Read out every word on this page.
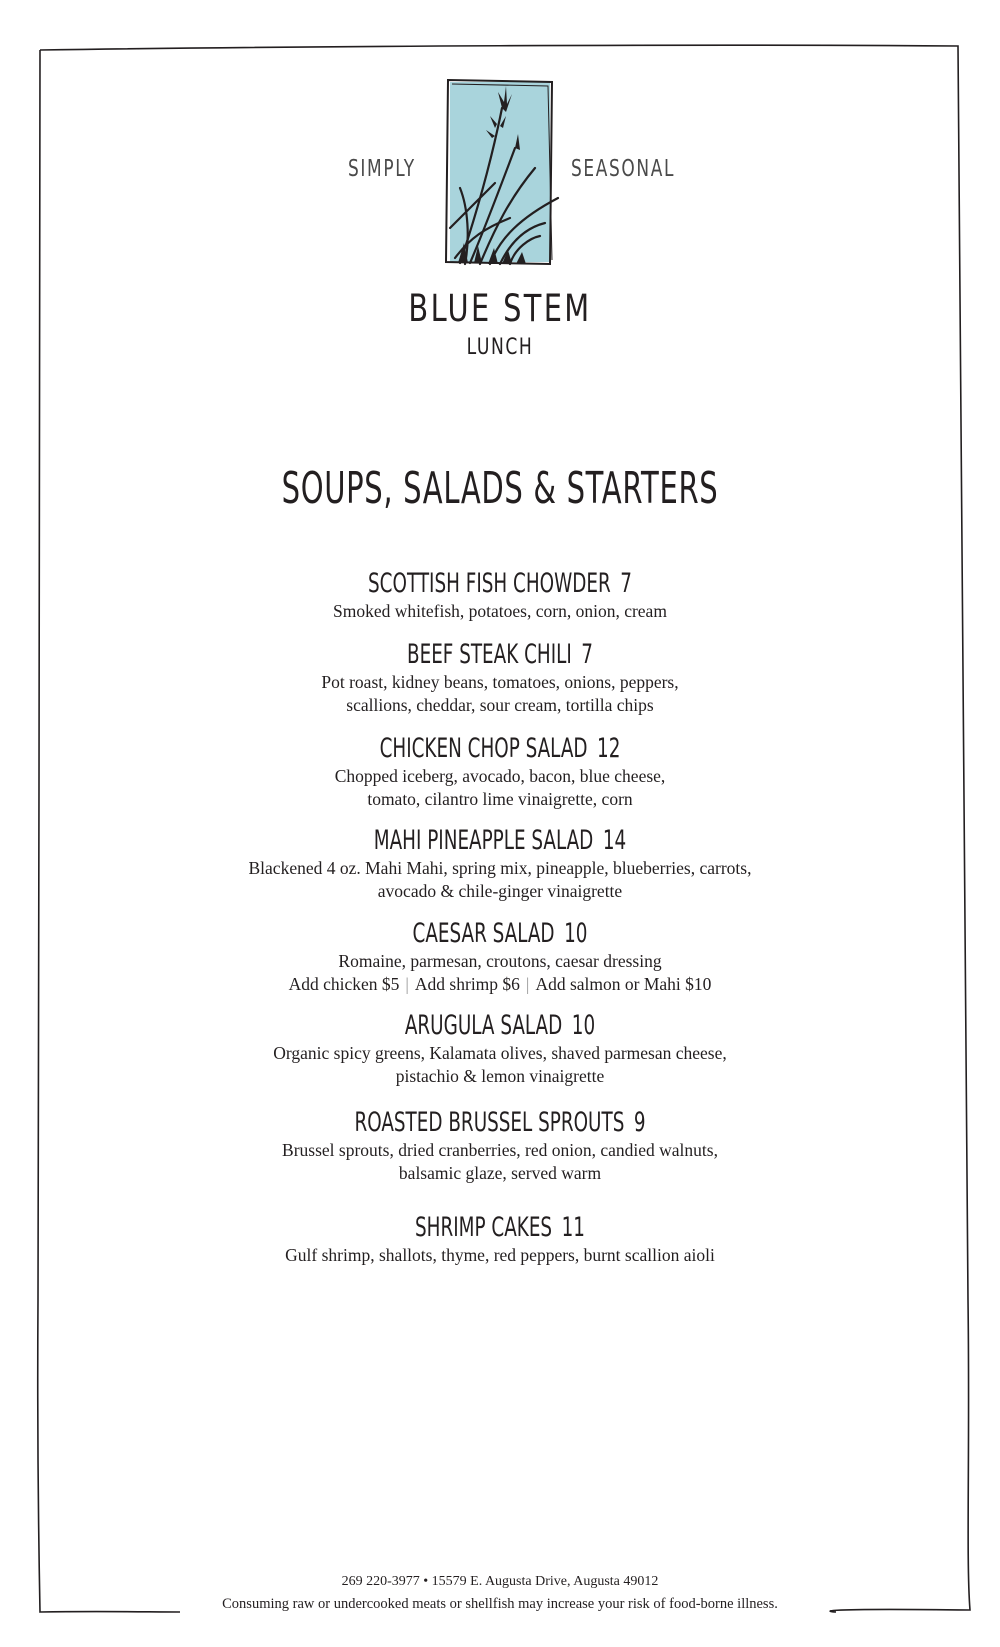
SIMPLY	SEASONAL
BLUE STEM
LUNCH
SOUPS, SALADS & STARTERS
SCOTTISH FISH CHOWDER 7
Smoked whitefish, potatoes, corn, onion, cream
BEEF STEAK CHILI 7
Pot roast, kidney beans, tomatoes, onions, peppers,
scallions, cheddar, sour cream, tortilla chips
CHICKEN CHOP SALAD 12
Chopped iceberg, avocado, bacon, blue cheese,
tomato, cilantro lime vinaigrette, corn
MAHI PINEAPPLE SALAD 14
Blackened 4 oz. Mahi Mahi, spring mix, pineapple, blueberries, carrots,
avocado & chile-ginger vinaigrette
CAESAR SALAD 10
Romaine, parmesan, croutons, caesar dressing
Add chicken $5 | Add shrimp $6 | Add salmon or Mahi $10
ARUGULA SALAD 10
Organic spicy greens, Kalamata olives, shaved parmesan cheese,
pistachio & lemon vinaigrette
ROASTED BRUSSEL SPROUTS 9
Brussel sprouts, dried cranberries, red onion, candied walnuts,
balsamic glaze, served warm
SHRIMP CAKES 11
Gulf shrimp, shallots, thyme, red peppers, burnt scallion aioli
269 220-3977 • 15579 E. Augusta Drive, Augusta 49012
Consuming raw or undercooked meats or shellfish may increase your risk of food-borne illness.
